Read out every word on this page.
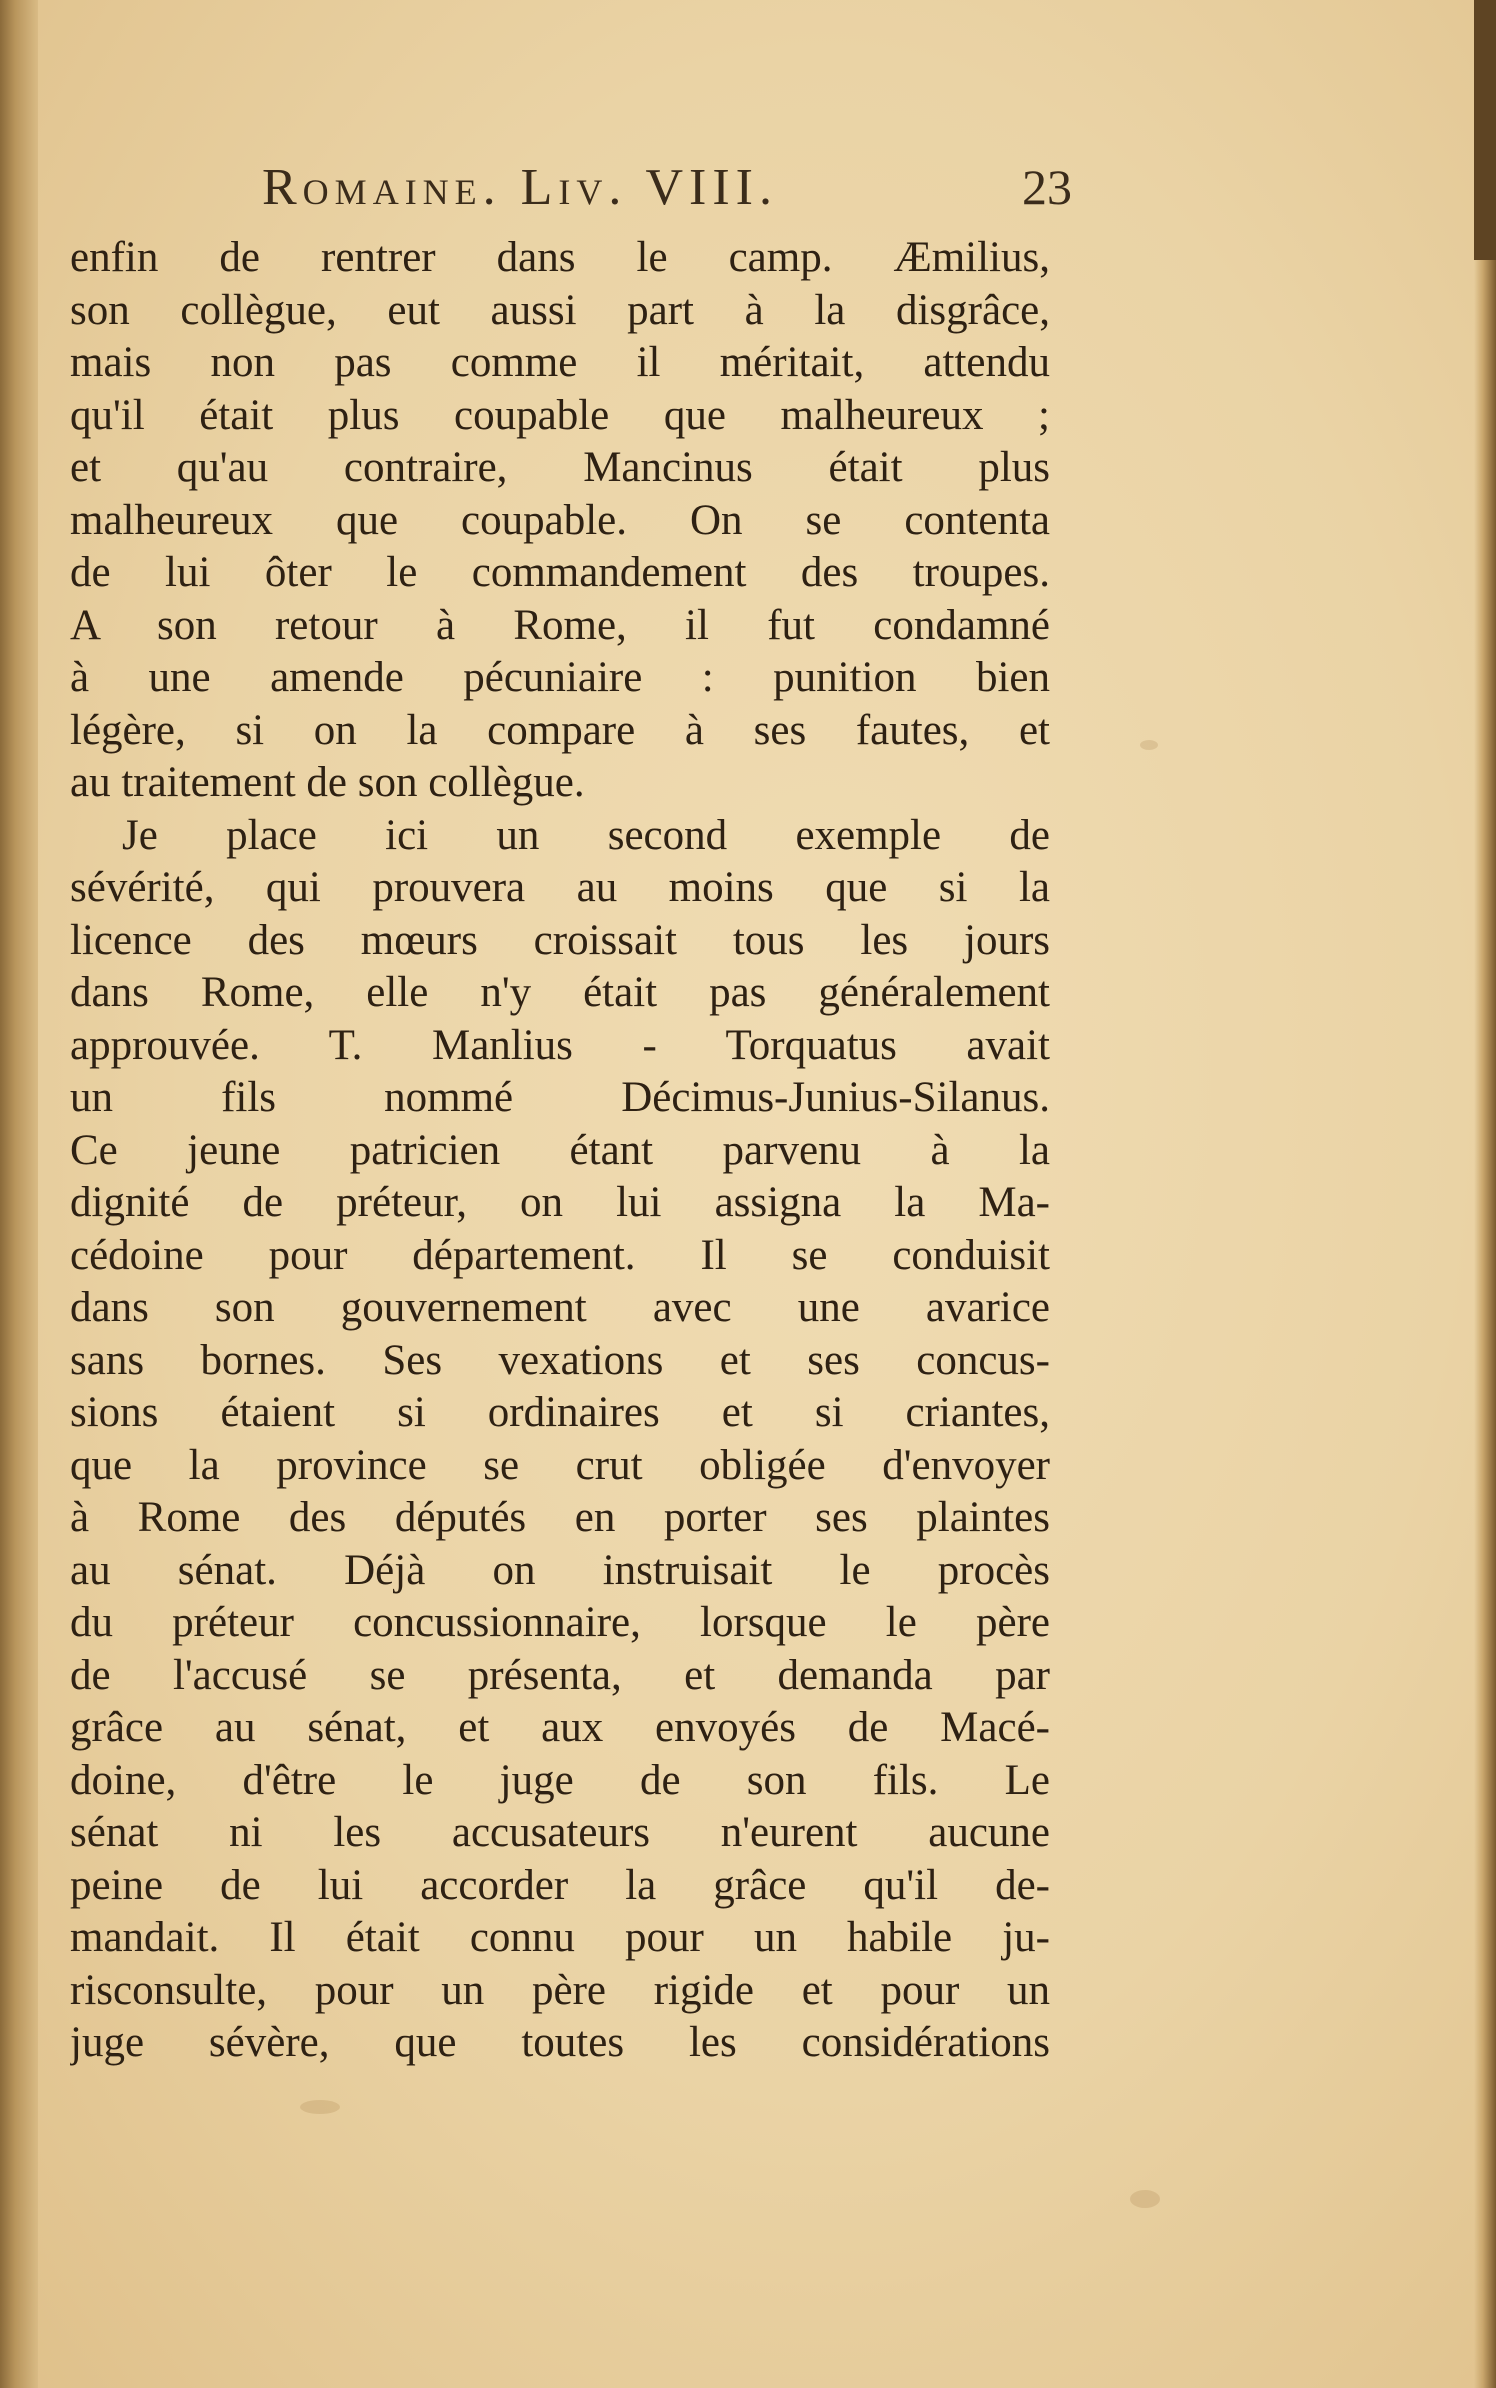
Romaine. Liv. VIII.	23
enfin de rentrer dans le camp. Æmilius,
son collègue, eut aussi part à la disgrâce,
mais non pas comme il méritait, attendu
qu'il était plus coupable que malheureux ;
et qu'au contraire, Mancinus était plus
malheureux que coupable. On se contenta
de lui ôter le commandement des troupes.
A son retour à Rome, il fut condamné
à une amende pécuniaire : punition bien
légère, si on la compare à ses fautes, et
au traitement de son collègue.
Je place ici un second exemple de
sévérité, qui prouvera au moins que si la
licence des mœurs croissait tous les jours
dans Rome, elle n'y était pas généralement
approuvée. T. Manlius - Torquatus avait
un fils nommé Décimus-Junius-Silanus.
Ce jeune patricien étant parvenu à la
dignité de préteur, on lui assigna la Ma-
cédoine pour département. Il se conduisit
dans son gouvernement avec une avarice
sans bornes. Ses vexations et ses concus-
sions étaient si ordinaires et si criantes,
que la province se crut obligée d'envoyer
à Rome des députés en porter ses plaintes
au sénat. Déjà on instruisait le procès
du préteur concussionnaire, lorsque le père
de l'accusé se présenta, et demanda par
grâce au sénat, et aux envoyés de Macé-
doine, d'être le juge de son fils. Le
sénat ni les accusateurs n'eurent aucune
peine de lui accorder la grâce qu'il de-
mandait. Il était connu pour un habile ju-
risconsulte, pour un père rigide et pour un
juge sévère, que toutes les considérations
